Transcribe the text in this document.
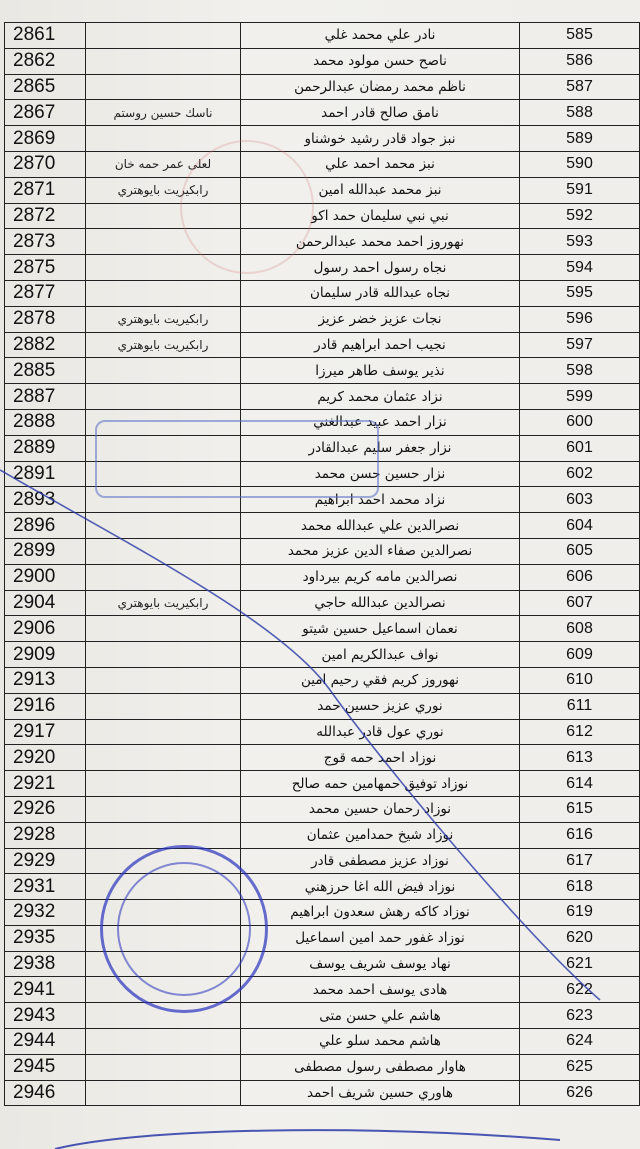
2861		نادر علي محمد غلي	585
2862		ناصح حسن مولود محمد	586
2865		ناظم محمد رمضان عبدالرحمن	587
2867	ناسك حسين روستم	نامق صالح قادر احمد	588
2869		نبز جواد قادر رشيد خوشناو	589
2870	لعلى عمر حمه خان	نبز محمد احمد علي	590
2871	رابكيريت بايوهتري	نبز محمد عبدالله امين	591
2872		نبي نبي سليمان حمد اكو	592
2873		نهوروز احمد محمد عبدالرحمن	593
2875		نجاه رسول احمد رسول	594
2877		نجاه عبدالله قادر سليمان	595
2878	رابكيريت بايوهتري	نجات عزيز خضر عزيز	596
2882	رابكيريت بايوهتري	نجيب احمد ابراهيم قادر	597
2885		نذير يوسف طاهر ميرزا	598
2887		نزاد عثمان محمد كريم	599
2888		نزار احمد عبيد عبدالغني	600
2889		نزار جعفر سليم عبدالقادر	601
2891		نزار حسين حسن محمد	602
2893		نزاد محمد احمد ابراهيم	603
2896		نصرالدين علي عبدالله محمد	604
2899		نصرالدين صفاء الدين عزيز محمد	605
2900		نصرالدين مامه كريم بيرداود	606
2904	رابكيريت بايوهتري	نصرالدين عبدالله حاجي	607
2906		نعمان اسماعيل حسين شيتو	608
2909		نواف عبدالكريم امين	609
2913		نهوروز كريم فقي رحيم امين	610
2916		نوري عزيز حسين حمد	611
2917		نوري عول قادر عبدالله	612
2920		نوزاد احمد حمه قوج	613
2921		نوزاد توفيق حمهامين حمه صالح	614
2926		نوزاد رحمان حسين محمد	615
2928		نوزاد شيخ حمدامين عثمان	616
2929		نوزاد عزيز مصطفى قادر	617
2931		نوزاد فيض الله اغا حرزهني	618
2932		نوزاد كاكه رهش سعدون ابراهيم	619
2935		نوزاد غفور حمد امين اسماعيل	620
2938		نهاد يوسف شريف يوسف	621
2941		هادى يوسف احمد محمد	622
2943		هاشم علي حسن متى	623
2944		هاشم محمد سلو علي	624
2945		هاوار مصطفى رسول مصطفى	625
2946		هاوري حسين شريف احمد	626
